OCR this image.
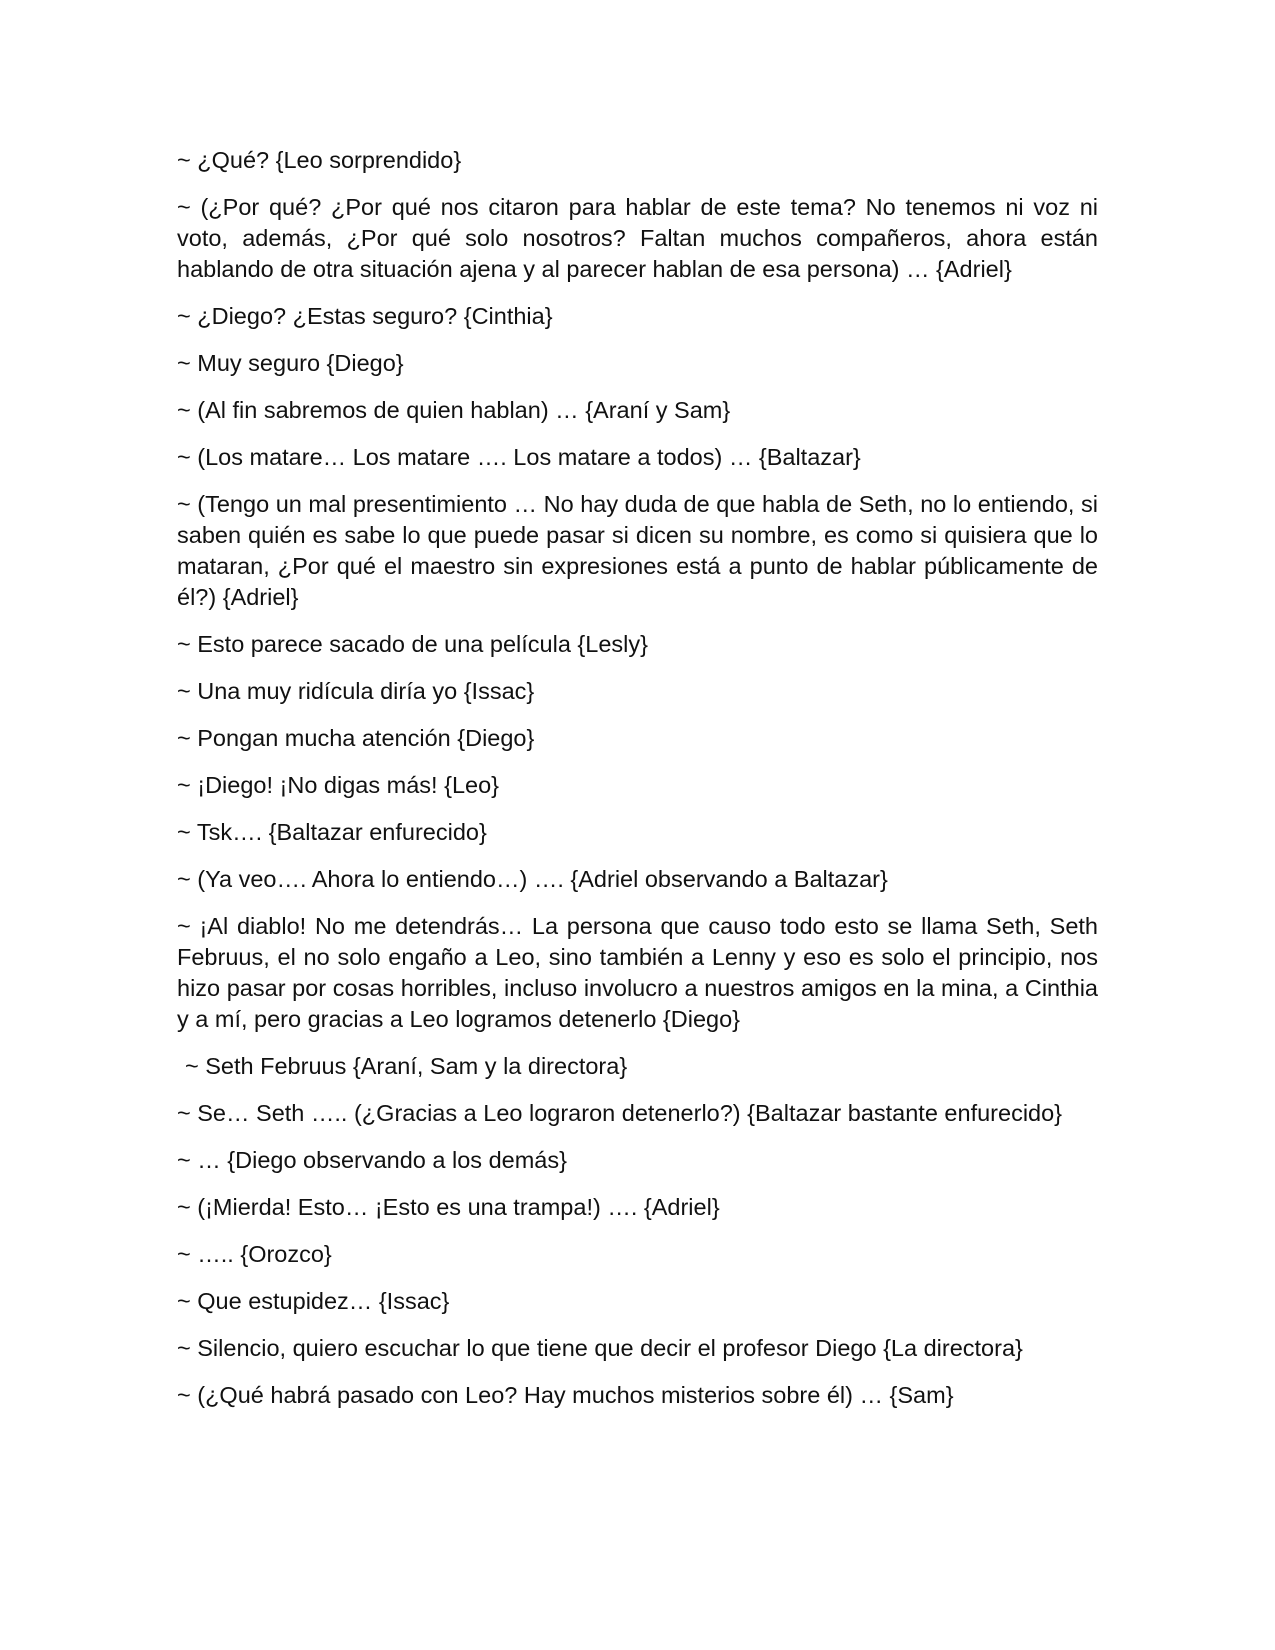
~ ¿Qué? {Leo sorprendido}

~ (¿Por qué? ¿Por qué nos citaron para hablar de este tema? No tenemos ni voz ni voto, además, ¿Por qué solo nosotros? Faltan muchos compañeros, ahora están hablando de otra situación ajena y al parecer hablan de esa persona) … {Adriel}

~ ¿Diego? ¿Estas seguro? {Cinthia}

~ Muy seguro {Diego}

~ (Al fin sabremos de quien hablan) … {Araní y Sam}

~ (Los matare… Los matare …. Los matare a todos) … {Baltazar}

~ (Tengo un mal presentimiento … No hay duda de que habla de Seth, no lo entiendo, si saben quién es sabe lo que puede pasar si dicen su nombre, es como si quisiera que lo mataran, ¿Por qué el maestro sin expresiones está a punto de hablar públicamente de él?) {Adriel}

~ Esto parece sacado de una película {Lesly}

~ Una muy ridícula diría yo {Issac}

~ Pongan mucha atención {Diego}

~ ¡Diego! ¡No digas más! {Leo}

~ Tsk…. {Baltazar enfurecido}

~ (Ya veo…. Ahora lo entiendo…) …. {Adriel observando a Baltazar}

~ ¡Al diablo! No me detendrás… La persona que causo todo esto se llama Seth, Seth Februus, el no solo engaño a Leo, sino también a Lenny y eso es solo el principio, nos hizo pasar por cosas horribles, incluso involucro a nuestros amigos en la mina, a Cinthia y a mí, pero gracias a Leo logramos detenerlo {Diego}

~ Seth Februus {Araní, Sam y la directora}

~ Se… Seth ….. (¿Gracias a Leo lograron detenerlo?) {Baltazar bastante enfurecido}

~ … {Diego observando a los demás}

~ (¡Mierda! Esto… ¡Esto es una trampa!) …. {Adriel}

~ ….. {Orozco}

~ Que estupidez… {Issac}

~ Silencio, quiero escuchar lo que tiene que decir el profesor Diego {La directora}

~ (¿Qué habrá pasado con Leo? Hay muchos misterios sobre él) … {Sam}
